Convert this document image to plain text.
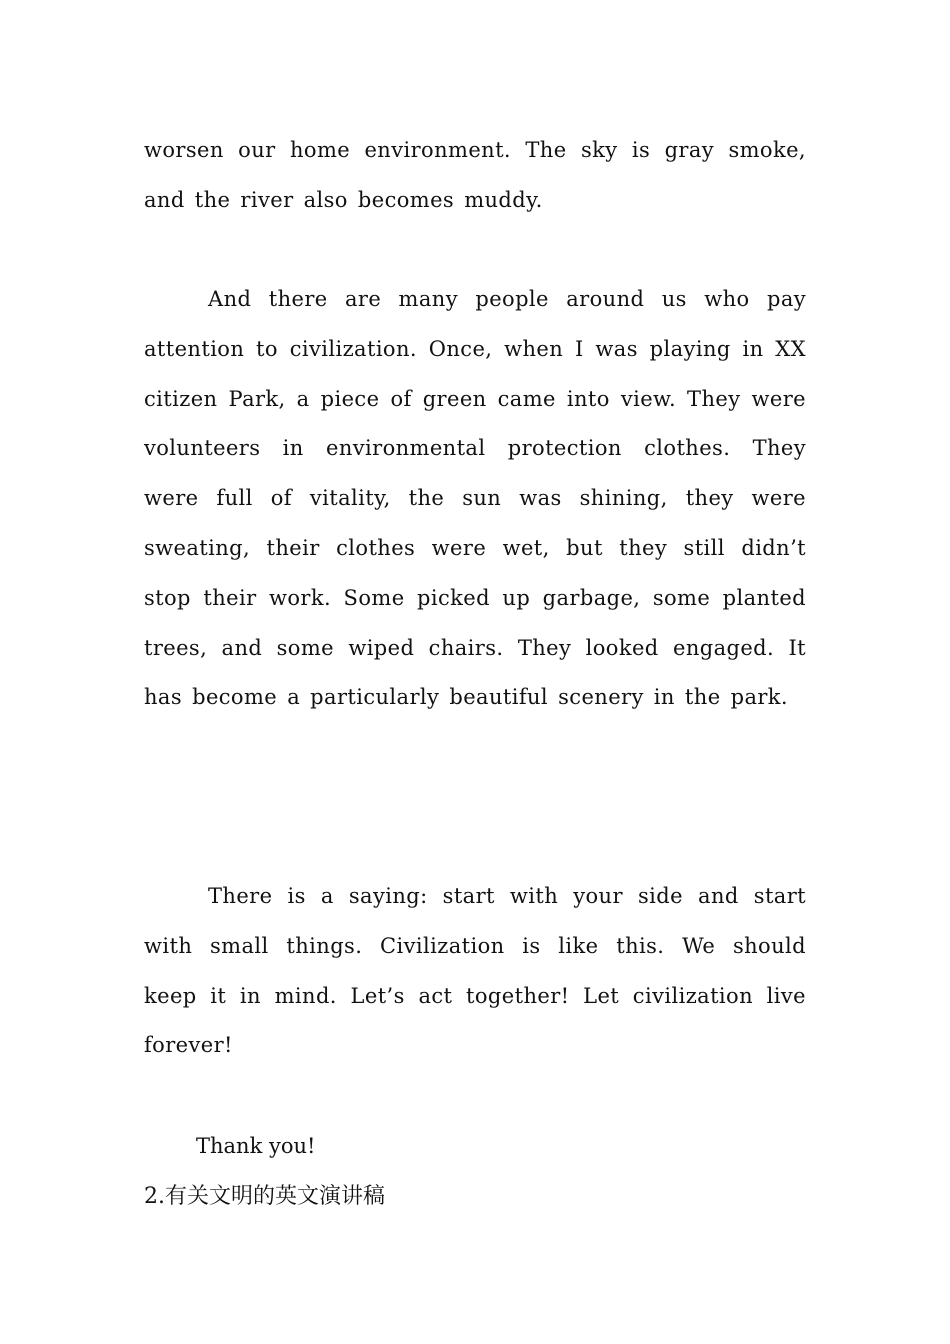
worsen our home environment. The sky is gray smoke, and the river also becomes muddy.

And there are many people around us who pay attention to civilization. Once, when I was playing in XX citizen Park, a piece of green came into view. They were volunteers in environmental protection clothes. They were full of vitality, the sun was shining, they were sweating, their clothes were wet, but they still didn’t stop their work. Some picked up garbage, some planted trees, and some wiped chairs. They looked engaged. It has become a particularly beautiful scenery in the park.

There is a saying: start with your side and start with small things. Civilization is like this. We should keep it in mind. Let’s act together! Let civilization live forever!

Thank you!

2.有关文明的英文演讲稿
